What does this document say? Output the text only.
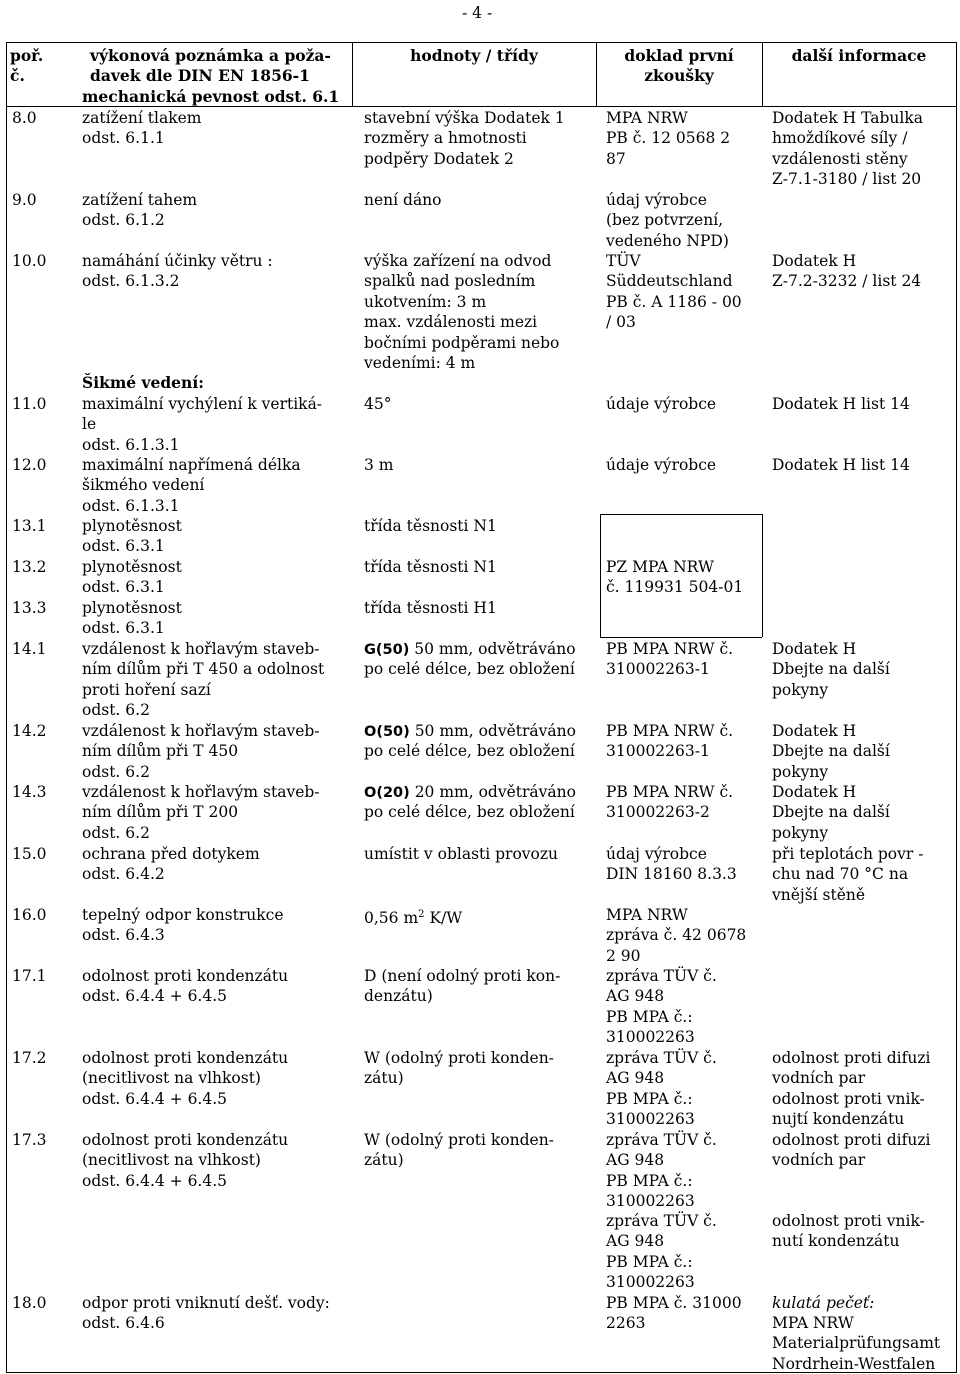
- 4 -

poř.
č.

výkonová poznámka a poža-
davek dle DIN EN 1856-1

hodnoty / třídy	doklad první
zkoušky

další informace

mechanická pevnost odst. 6.1

Šikmé vedení:

8.0

9.0

10.0

11.0

12.0

13.1

13.2

13.3

14.1

14.2

14.3

15.0

16.0

17.1

17.2

17.3

18.0

zatížení tlakem
odst. 6.1.1

zatížení tahem
odst. 6.1.2

namáhání účinky větru :
odst. 6.1.3.2

maximální vychýlení k vertiká-
le
odst. 6.1.3.1

maximální napřímená délka
šikmého vedení
odst. 6.1.3.1

plynotěsnost
odst. 6.3.1

plynotěsnost
odst. 6.3.1

plynotěsnost
odst. 6.3.1

vzdálenost k hořlavým staveb-
ním dílům při T 450 a odolnost
proti hoření sazí
odst. 6.2

vzdálenost k hořlavým staveb-
ním dílům při T 450
odst. 6.2

vzdálenost k hořlavým staveb-
ním dílům při T 200
odst. 6.2

ochrana před dotykem
odst. 6.4.2

tepelný odpor konstrukce
odst. 6.4.3

odolnost proti kondenzátu
odst. 6.4.4 + 6.4.5

odolnost proti kondenzátu
(necitlivost na vlhkost)
odst. 6.4.4 + 6.4.5

odolnost proti kondenzátu
(necitlivost na vlhkost)
odst. 6.4.4 + 6.4.5

odpor proti vniknutí dešť. vody:
odst. 6.4.6

stavební výška Dodatek 1
rozměry a hmotnosti
podpěry Dodatek 2

není dáno

výška zařízení na odvod
spalků nad posledním
ukotvením: 3 m
max. vzdálenosti mezi
bočními podpěrami nebo
vedeními: 4 m

45°

3 m

třída těsnosti N1

třída těsnosti N1

třída těsnosti H1

G(50) 50 mm, odvětráváno

po celé délce, bez obložení

O(50) 50 mm, odvětráváno

po celé délce, bez obložení

O(20) 20 mm, odvětráváno

po celé délce, bez obložení

umístit v oblasti provozu

0,56 $m^2$ K/W

D (není odolný proti kon-
denzátu)

W (odolný proti konden-
zátu)

W (odolný proti konden-
zátu)

MPA NRW
PB č. 12 0568 2
87

údaj výrobce
(bez potvrzení,
vedeného NPD)

TÜV
Süddeutschland
PB č. A 1186 - 00
/ 03

údaje výrobce

údaje výrobce

PZ MPA NRW
č. 119931 504-01

PB MPA NRW č.
310002263-1

PB MPA NRW č.
310002263-1

PB MPA NRW č.
310002263-2

údaj výrobce
DIN 18160 8.3.3

MPA NRW
zpráva č. 42 0678
2 90

zpráva TÜV č.
AG 948
PB MPA č.:
310002263

zpráva TÜV č.
AG 948
PB MPA č.:
310002263

zpráva TÜV č.
AG 948
PB MPA č.:
310002263

zpráva TÜV č.
AG 948
PB MPA č.:
310002263

PB MPA č. 31000
2263

Dodatek H Tabulka
hmoždíkové síly /
vzdálenosti stěny
Z-7.1-3180 / list 20

Dodatek H
Z-7.2-3232 / list 24

Dodatek H list 14

Dodatek H list 14

Dodatek H
Dbejte na další
pokyny

Dodatek H
Dbejte na další
pokyny

Dodatek H
Dbejte na další
pokyny

při teplotách povr -
chu nad 70 °C na
vnější stěně

odolnost proti difuzi
vodních par

odolnost proti vnik-
nujtí kondenzátu

odolnost proti difuzi
vodních par

odolnost proti vnik-
nutí kondenzátu

kulatá pečeť:

MPA NRW
Materialprüfungsamt
Nordrhein-Westfalen
